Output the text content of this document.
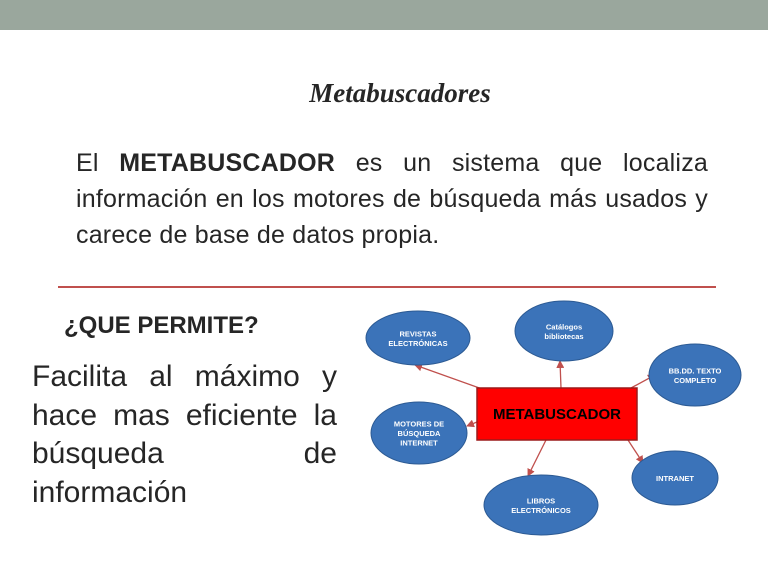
Metabuscadores
El METABUSCADOR es un sistema que localiza información en los motores de búsqueda más usados y carece de base de datos propia.
¿QUE PERMITE?
Facilita al máximo y hace mas eficiente la búsqueda de información
REVISTAS
ELECTRÓNICAS
Catálogos
bibliotecas
BB.DD. TEXTO
COMPLETO
MOTORES DE
BÚSQUEDA
INTERNET
INTRANET
LIBROS
ELECTRÓNICOS
METABUSCADOR
